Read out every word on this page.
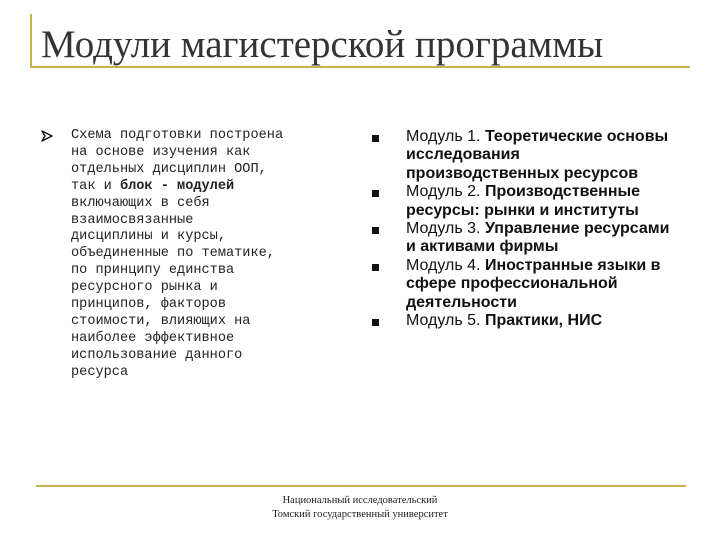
Модули магистерской программы
Схема подготовки построена
на основе изучения как
отдельных дисциплин ООП,
так и блок - модулей
включающих в себя
взаимосвязанные
дисциплины и курсы,
объединенные по тематике,
по принципу единства
ресурсного рынка и
принципов, факторов
стоимости, влияющих на
наиболее эффективное
использование данного
ресурса
Модуль 1. Теоретические основы исследования производственных ресурсов
Модуль 2. Производственные ресурсы: рынки и институты
Модуль 3. Управление ресурсами и активами фирмы
Модуль 4. Иностранные языки в сфере профессиональной деятельности
Модуль 5. Практики, НИС
Национальный исследовательский
Томский государственный университет
